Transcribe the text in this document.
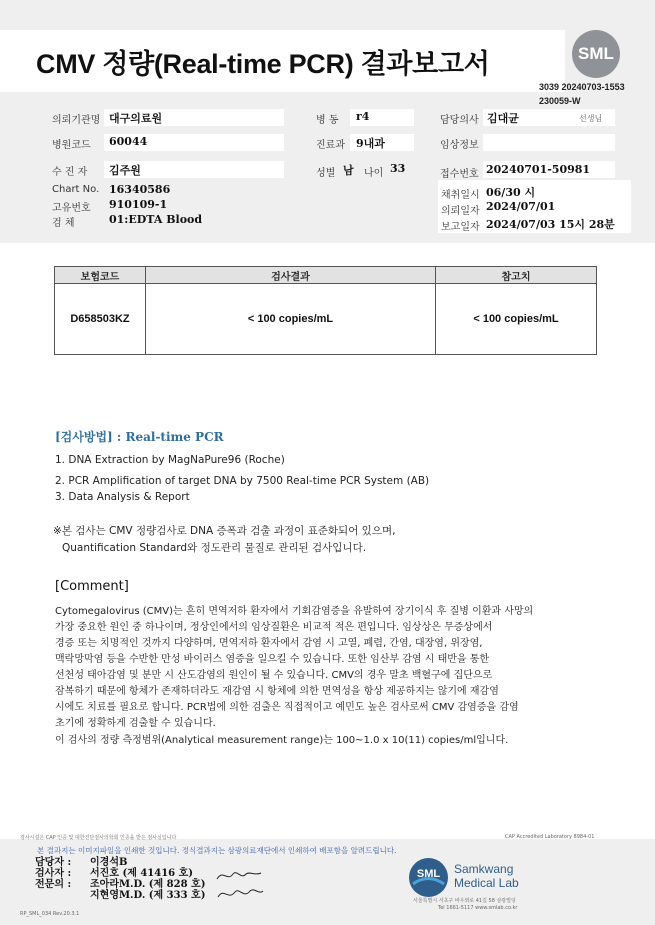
CMV 정량(Real-time PCR) 결과보고서	SML
3039 20240703-1553
230059-W
의뢰기관명 대구의료원
병원코드 60044
수 진 자 김주원
Chart No. 16340586
고유번호 910109-1
검 체	01:EDTA Blood
병 동 r4
진료과 9내과
성별 남 나이 33
담당의사 김대균	선생님
임상정보
접수번호 20240701-50981
채취일시 06/30 시
의뢰일자 2024/07/01
보고일자 2024/07/03 15시 28분
보험코드	검사결과	참고치
D658503KZ	< 100 copies/mL	< 100 copies/mL
[검사방법] : Real-time PCR
1. DNA Extraction by MagNaPure96 (Roche)
2. PCR Amplification of target DNA by 7500 Real-time PCR System (AB)
3. Data Analysis & Report
※본 검사는 CMV 정량검사로 DNA 증폭과 검출 과정이 표준화되어 있으며,
Quantification Standard와 정도관리 물질로 관리된 검사입니다.
[Comment]
Cytomegalovirus (CMV)는 흔히 면역저하 환자에서 기회감염증을 유발하여 장기이식 후 질병 이환과 사망의
가장 중요한 원인 중 하나이며, 정상인에서의 임상질환은 비교적 적은 편입니다. 임상상은 무증상에서
경증 또는 치명적인 것까지 다양하며, 면역저하 환자에서 감염 시 고열, 폐렴, 간염, 대장염, 위장염,
맥락망막염 등을 수반한 만성 바이러스 염증을 일으킬 수 있습니다. 또한 임산부 감염 시 태반을 통한
선천성 태아감염 및 분만 시 산도감염의 원인이 될 수 있습니다. CMV의 경우 말초 백혈구에 집단으로
잠복하기 때문에 항체가 존재하더라도 재감염 시 항체에 의한 면역성을 항상 제공하지는 않기에 재감염
시에도 치료를 필요로 합니다. PCR법에 의한 검출은 직접적이고 예민도 높은 검사로써 CMV 감염증을 감염
초기에 정확하게 검출할 수 있습니다.
이 검사의 정량 측정범위(Analytical measurement range)는 100~1.0 x 10(11) copies/ml입니다.
검사시설은 CAP 인증 및 대한진단검사의학회 인증을 받은 검사실입니다	CAP Accredited Laboratory 8984-01
본 결과지는 이미지파일을 인쇄한 것입니다. 정식결과지는 삼광의료재단에서 인쇄하여 배포함을 알려드립니다.
담당자 : 이경석B
검사자 : 서진호 (제 41416 호)
전문의 : 조아라M.D. (제 828 호)
지현영M.D. (제 333 호)
SML Samkwang
Medical Lab
서울특별시 서초구 바우뫼로 41길 58 삼광빌딩
Tel 1661-5117 www.smlab.co.kr
RP_SML_034 Rev.20.3.1
